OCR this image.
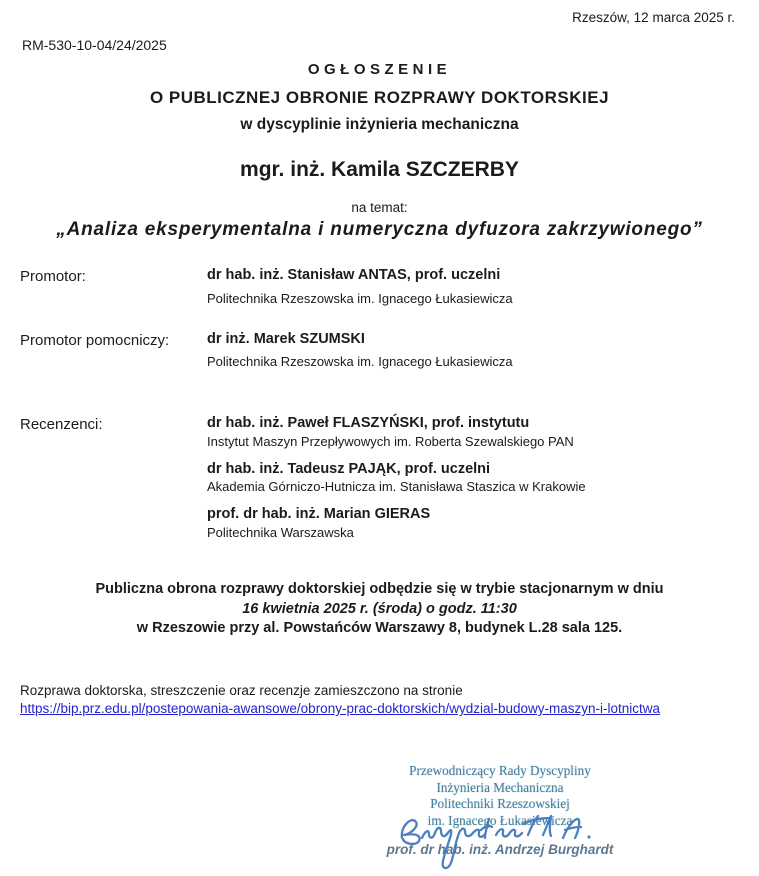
Rzeszów, 12 marca 2025 r.
RM-530-10-04/24/2025
OGŁOSZENIE
O PUBLICZNEJ OBRONIE ROZPRAWY DOKTORSKIEJ
w dyscyplinie inżynieria mechaniczna
mgr. inż. Kamila SZCZERBY
na temat:
„Analiza eksperymentalna i numeryczna dyfuzora zakrzywionego”
Promotor:	dr hab. inż. Stanisław ANTAS, prof. uczelni
Politechnika Rzeszowska im. Ignacego Łukasiewicza
Promotor pomocniczy:	dr inż. Marek SZUMSKI
Politechnika Rzeszowska im. Ignacego Łukasiewicza
Recenzenci:	dr hab. inż. Paweł FLASZYŃSKI, prof. instytutu
Instytut Maszyn Przepływowych im. Roberta Szewalskiego PAN
dr hab. inż. Tadeusz PAJĄK, prof. uczelni
Akademia Górniczo-Hutnicza im. Stanisława Staszica w Krakowie
prof. dr hab. inż. Marian GIERAS
Politechnika Warszawska
Publiczna obrona rozprawy doktorskiej odbędzie się w trybie stacjonarnym w dniu
16 kwietnia 2025 r. (środa) o godz. 11:30
w Rzeszowie przy al. Powstańców Warszawy 8, budynek L.28 sala 125.
Rozprawa doktorska, streszczenie oraz recenzje zamieszczono na stronie
https://bip.prz.edu.pl/postepowania-awansowe/obrony-prac-doktorskich/wydzial-budowy-maszyn-i-lotnictwa
Przewodniczący Rady Dyscypliny
Inżynieria Mechaniczna
Politechniki Rzeszowskiej
im. Ignacego Łukasiewicza
prof. dr hab. inż. Andrzej Burghardt
